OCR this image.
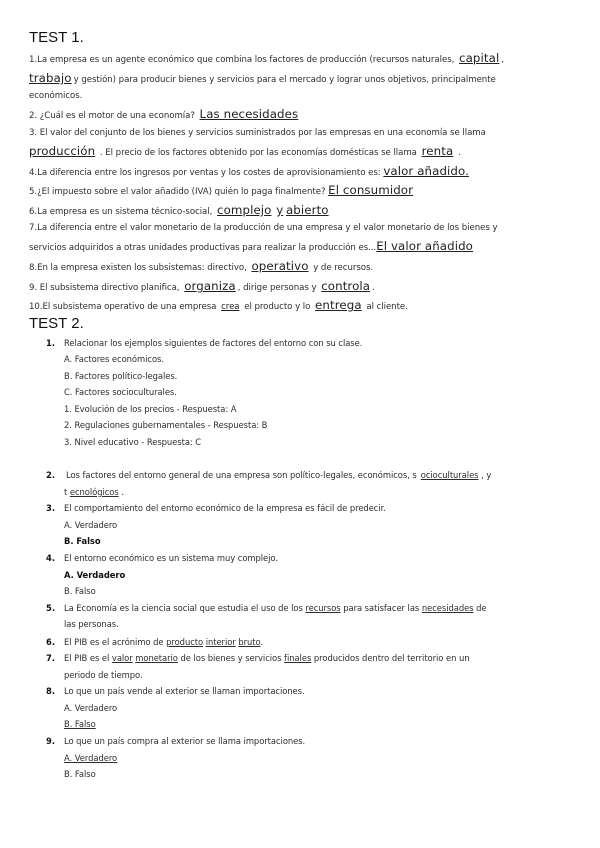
TEST 1.
1.La empresa es un agente económico que combina los factores de producción (recursos naturales, capital ,
trabajo y gestión) para producir bienes y servicios para el mercado y lograr unos objetivos, principalmente
económicos.
2. ¿Cuál es el motor de una economía? Las necesidades
3. El valor del conjunto de los bienes y servicios suministrados por las empresas en una economía se llama
producción . El precio de los factores obtenido por las economías domésticas se llama renta .
4.La diferencia entre los ingresos por ventas y los costes de aprovisionamiento es: valor añadido.
5.¿El impuesto sobre el valor añadido (IVA) quién lo paga finalmente? El consumidor
6.La empresa es un sistema técnico-social, complejo y abierto
7.La diferencia entre el valor monetario de la producción de una empresa y el valor monetario de los bienes y
servicios adquiridos a otras unidades productivas para realizar la producción es...El valor añadido
8.En la empresa existen los subsistemas: directivo, operativo y de recursos.
9. El subsistema directivo planifica, organiza , dirige personas y controla .
10.El subsistema operativo de una empresa crea el producto y lo entrega al cliente.
TEST 2.
1. Relacionar los ejemplos siguientes de factores del entorno con su clase.
A. Factores económicos.
B. Factores político-legales.
C. Factores socioculturales.
1. Evolución de los precios - Respuesta: A
2. Regulaciones gubernamentales - Respuesta: B
3. Nivel educativo - Respuesta: C
2. Los factores del entorno general de una empresa son político-legales, económicos, s ocioculturales , y
t ecnológicos .
3. El comportamiento del entorno económico de la empresa es fácil de predecir.
A. Verdadero
B. Falso
4. El entorno económico es un sistema muy complejo.
A. Verdadero
B. Falso
5. La Economía es la ciencia social que estudia el uso de los recursos para satisfacer las necesidades de
las personas.
6. El PIB es el acrónimo de producto interior bruto.
7. El PIB es el valor monetario de los bienes y servicios finales producidos dentro del territorio en un
periodo de tiempo.
8. Lo que un país vende al exterior se llaman importaciones.
A. Verdadero
B. Falso
9. Lo que un país compra al exterior se llama importaciones.
A. Verdadero
B. Falso
